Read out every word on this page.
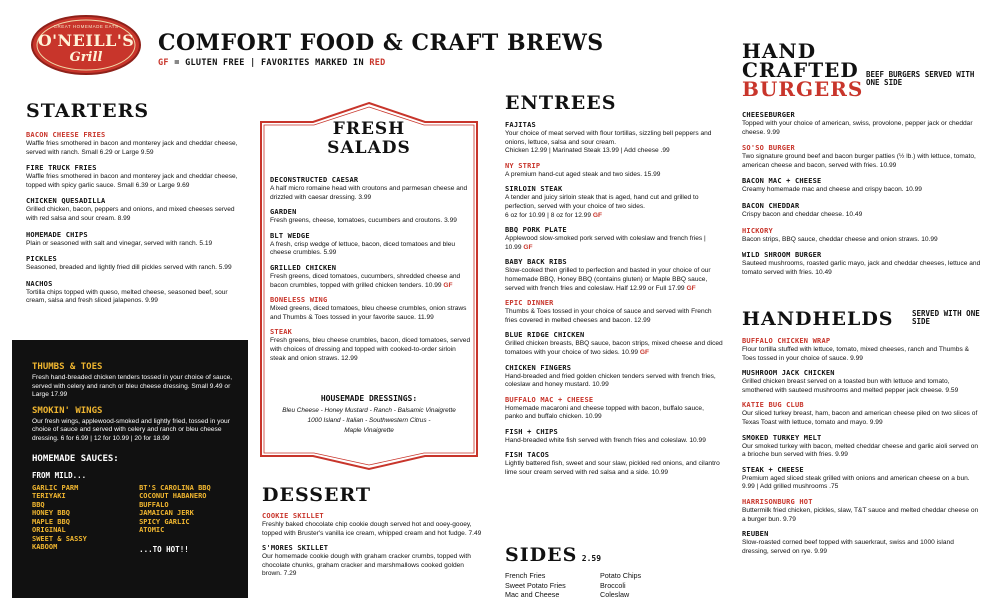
GREAT HOMEMADE EATS
O'NEILL'S
Grill
COMFORT FOOD & CRAFT BREWS
GF = GLUTEN FREE | FAVORITES MARKED IN RED
STARTERS
BACON CHEESE FRIES
Waffle fries smothered in bacon and monterey jack and cheddar cheese, served with ranch. Small 6.29 or Large 9.59
FIRE TRUCK FRIES
Waffle fries smothered in bacon and monterey jack and cheddar cheese, topped with spicy garlic sauce. Small 6.39 or Large 9.69
CHICKEN QUESADILLA
Grilled chicken, bacon, peppers and onions, and mixed cheeses served with red salsa and sour cream. 8.99
HOMEMADE CHIPS
Plain or seasoned with salt and vinegar, served with ranch. 5.19
PICKLES
Seasoned, breaded and lightly fried dill pickles served with ranch. 5.99
NACHOS
Tortilla chips topped with queso, melted cheese, seasoned beef, sour cream, salsa and fresh sliced jalapenos. 9.99
THUMBS & TOES
Fresh hand-breaded chicken tenders tossed in your choice of sauce, served with celery and ranch or bleu cheese dressing. Small 9.49 or Large 17.99
SMOKIN' WINGS
Our fresh wings, applewood-smoked and lightly fried, tossed in your choice of sauce and served with celery and ranch or bleu cheese dressing. 6 for 6.99 | 12 for 10.99 | 20 for 18.99
HOMEMADE SAUCES:
FROM MILD...
GARLIC PARM
TERIYAKI
BBQ
HONEY BBQ
MAPLE BBQ
ORIGINAL
SWEET & SASSY
KABOOM
BT'S CAROLINA BBQ
COCONUT HABANERO
BUFFALO
JAMAICAN JERK
SPICY GARLIC
ATOMIC
...TO HOT!!
FRESH
SALADS
DECONSTRUCTED CAESAR
A half micro romaine head with croutons and parmesan cheese and drizzled with caesar dressing. 3.99
GARDEN
Fresh greens, cheese, tomatoes, cucumbers and croutons. 3.99
BLT WEDGE
A fresh, crisp wedge of lettuce, bacon, diced tomatoes and bleu cheese crumbles. 5.99
GRILLED CHICKEN
Fresh greens, diced tomatoes, cucumbers, shredded cheese and bacon crumbles, topped with grilled chicken tenders. 10.99 GF
BONELESS WING
Mixed greens, diced tomatoes, bleu cheese crumbles, onion straws and Thumbs & Toes tossed in your favorite sauce. 11.99
STEAK
Fresh greens, bleu cheese crumbles, bacon, diced tomatoes, served with choices of dressing and topped with cooked-to-order sirloin steak and onion straws. 12.99
HOUSEMADE DRESSINGS:
Bleu Cheese - Honey Mustard - Ranch - Balsamic Vinaigrette
1000 Island - Italian - Southwestern Citrus -
Maple Vinaigrette
DESSERT
COOKIE SKILLET
Freshly baked chocolate chip cookie dough served hot and ooey-gooey, topped with Bruster's vanilla ice cream, whipped cream and hot fudge. 7.49
S'MORES SKILLET
Our homemade cookie dough with graham cracker crumbs, topped with chocolate chunks, graham cracker and marshmallows cooked golden brown. 7.29
ENTREES
FAJITAS
Your choice of meat served with flour tortillas, sizzling bell peppers and onions, lettuce, salsa and sour cream.
Chicken 12.99 | Marinated Steak 13.99 | Add cheese .99
NY STRIP
A premium hand-cut aged steak and two sides. 15.99
SIRLOIN STEAK
A tender and juicy sirloin steak that is aged, hand cut and grilled to perfection, served with your choice of two sides.
6 oz for 10.99 | 8 oz for 12.99 GF
BBQ PORK PLATE
Applewood slow-smoked pork served with coleslaw and french fries | 10.99 GF
BABY BACK RIBS
Slow-cooked then grilled to perfection and basted in your choice of our homemade BBQ, Honey BBQ (contains gluten) or Maple BBQ sauce, served with french fries and coleslaw. Half 12.99 or Full 17.99 GF
EPIC DINNER
Thumbs & Toes tossed in your choice of sauce and served with French fries covered in melted cheeses and bacon. 12.99
BLUE RIDGE CHICKEN
Grilled chicken breasts, BBQ sauce, bacon strips, mixed cheese and diced tomatoes with your choice of two sides. 10.99 GF
CHICKEN FINGERS
Hand-breaded and fried golden chicken tenders served with french fries, coleslaw and honey mustard. 10.99
BUFFALO MAC + CHEESE
Homemade macaroni and cheese topped with bacon, buffalo sauce, panko and buffalo chicken. 10.99
FISH + CHIPS
Hand-breaded white fish served with french fries and coleslaw. 10.99
FISH TACOS
Lightly battered fish, sweet and sour slaw, pickled red onions, and cilantro lime sour cream served with red salsa and a side. 10.99
SIDES 2.59
French Fries
Sweet Potato Fries
Mac and Cheese
Potato Chips
Broccoli
Coleslaw
HAND
CRAFTED
BURGERS
BEEF BURGERS SERVED WITH ONE SIDE
CHEESEBURGER
Topped with your choice of american, swiss, provolone, pepper jack or cheddar cheese. 9.99
SO'SO BURGER
Two signature ground beef and bacon burger patties (½ lb.) with lettuce, tomato, american cheese and bacon, served with fries. 10.99
BACON MAC + CHEESE
Creamy homemade mac and cheese and crispy bacon. 10.99
BACON CHEDDAR
Crispy bacon and cheddar cheese. 10.49
HICKORY
Bacon strips, BBQ sauce, cheddar cheese and onion straws. 10.99
WILD SHROOM BURGER
Sauteed mushrooms, roasted garlic mayo, jack and cheddar cheeses, lettuce and tomato served with fries. 10.49
HANDHELDS SERVED WITH ONE SIDE
BUFFALO CHICKEN WRAP
Flour tortilla stuffed with lettuce, tomato, mixed cheeses, ranch and Thumbs & Toes tossed in your choice of sauce. 9.99
MUSHROOM JACK CHICKEN
Grilled chicken breast served on a toasted bun with lettuce and tomato, smothered with sauteed mushrooms and melted pepper jack cheese. 9.59
KATIE BUG CLUB
Our sliced turkey breast, ham, bacon and american cheese piled on two slices of Texas Toast with lettuce, tomato and mayo. 9.99
SMOKED TURKEY MELT
Our smoked turkey with bacon, melted cheddar cheese and garlic aioli served on a brioche bun served with fries. 9.99
STEAK + CHEESE
Premium aged sliced steak grilled with onions and american cheese on a bun. 9.99 | Add grilled mushrooms .75
HARRISONBURG HOT
Buttermilk fried chicken, pickles, slaw, T&T sauce and melted cheddar cheese on a burger bun. 9.79
REUBEN
Slow-roasted corned beef topped with sauerkraut, swiss and 1000 island dressing, served on rye. 9.99
